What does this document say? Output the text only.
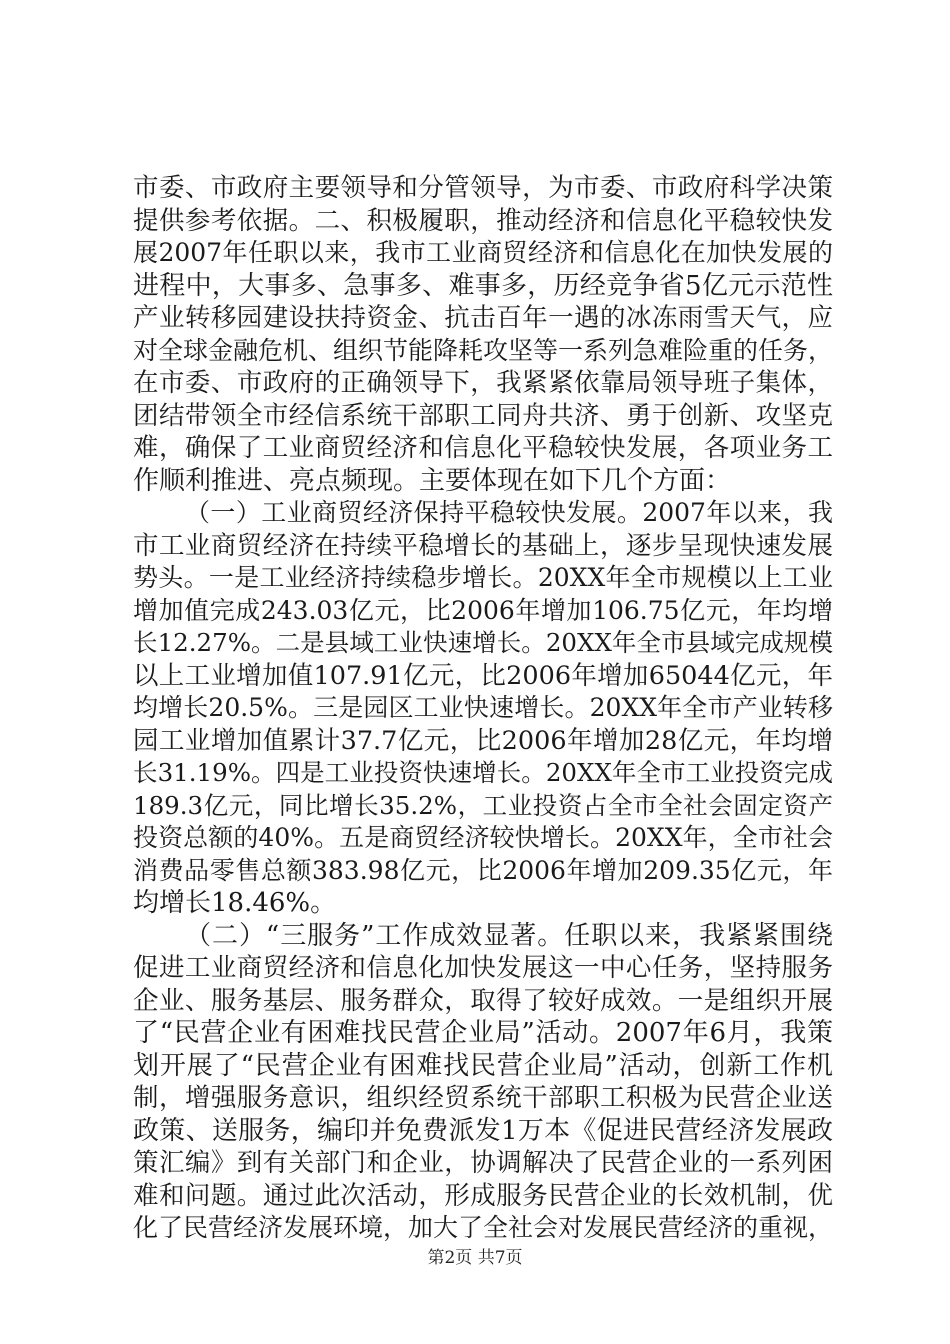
市委、市政府主要领导和分管领导，为市委、市政府科学决策
提供参考依据。二、积极履职，推动经济和信息化平稳较快发
展2007年任职以来，我市工业商贸经济和信息化在加快发展的
进程中，大事多、急事多、难事多，历经竞争省5亿元示范性
产业转移园建设扶持资金、抗击百年一遇的冰冻雨雪天气，应
对全球金融危机、组织节能降耗攻坚等一系列急难险重的任务，
在市委、市政府的正确领导下，我紧紧依靠局领导班子集体，
团结带领全市经信系统干部职工同舟共济、勇于创新、攻坚克
难，确保了工业商贸经济和信息化平稳较快发展，各项业务工
作顺利推进、亮点频现。主要体现在如下几个方面：
（一）工业商贸经济保持平稳较快发展。2007年以来，我
市工业商贸经济在持续平稳增长的基础上，逐步呈现快速发展
势头。一是工业经济持续稳步增长。20XX年全市规模以上工业
增加值完成243.03亿元，比2006年增加106.75亿元，年均增
长12.27%。二是县域工业快速增长。20XX年全市县域完成规模
以上工业增加值107.91亿元，比2006年增加65044亿元，年
均增长20.5%。三是园区工业快速增长。20XX年全市产业转移
园工业增加值累计37.7亿元，比2006年增加28亿元，年均增
长31.19%。四是工业投资快速增长。20XX年全市工业投资完成
189.3亿元，同比增长35.2%，工业投资占全市全社会固定资产
投资总额的40%。五是商贸经济较快增长。20XX年，全市社会
消费品零售总额383.98亿元，比2006年增加209.35亿元，年
均增长18.46%。
（二）“三服务”工作成效显著。任职以来，我紧紧围绕
促进工业商贸经济和信息化加快发展这一中心任务，坚持服务
企业、服务基层、服务群众，取得了较好成效。一是组织开展
了“民营企业有困难找民营企业局”活动。2007年6月，我策
划开展了“民营企业有困难找民营企业局”活动，创新工作机
制，增强服务意识，组织经贸系统干部职工积极为民营企业送
政策、送服务，编印并免费派发1万本《促进民营经济发展政
策汇编》到有关部门和企业，协调解决了民营企业的一系列困
难和问题。通过此次活动，形成服务民营企业的长效机制，优
化了民营经济发展环境，加大了全社会对发展民营经济的重视，
第2页 共7页
